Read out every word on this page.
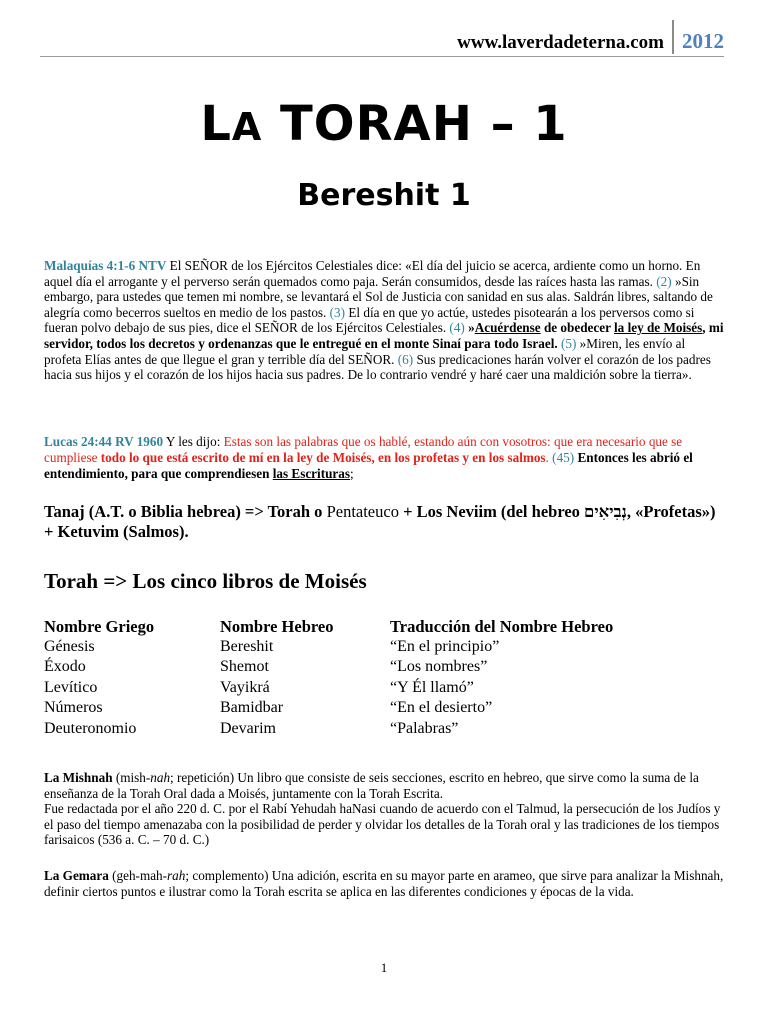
www.laverdadeterna.com 2012
LA TORAH – 1
Bereshit 1
Malaquías 4:1-6 NTV El SEÑOR de los Ejércitos Celestiales dice: «El día del juicio se acerca, ardiente como un horno. En aquel día el arrogante y el perverso serán quemados como paja. Serán consumidos, desde las raíces hasta las ramas. (2) »Sin embargo, para ustedes que temen mi nombre, se levantará el Sol de Justicia con sanidad en sus alas. Saldrán libres, saltando de alegría como becerros sueltos en medio de los pastos. (3) El día en que yo actúe, ustedes pisotearán a los perversos como si fueran polvo debajo de sus pies, dice el SEÑOR de los Ejércitos Celestiales. (4) »Acuérdense de obedecer la ley de Moisés, mi servidor, todos los decretos y ordenanzas que le entregué en el monte Sinaí para todo Israel. (5) »Miren, les envío al profeta Elías antes de que llegue el gran y terrible día del SEÑOR. (6) Sus predicaciones harán volver el corazón de los padres hacia sus hijos y el corazón de los hijos hacia sus padres. De lo contrario vendré y haré caer una maldición sobre la tierra».
Lucas 24:44 RV 1960 Y les dijo: Estas son las palabras que os hablé, estando aún con vosotros: que era necesario que se cumpliese todo lo que está escrito de mí en la ley de Moisés, en los profetas y en los salmos. (45) Entonces les abrió el entendimiento, para que comprendiesen las Escrituras;
Tanaj (A.T. o Biblia hebrea) => Torah o Pentateuco + Los Neviim (del hebreo נְבִיאִים, «Profetas») + Ketuvim (Salmos).
Torah => Los cinco libros de Moisés
Nombre Griego	Nombre Hebreo	Traducción del Nombre Hebreo
Génesis	Bereshit	“En el principio”
Éxodo	Shemot	“Los nombres”
Levítico	Vayikrá	“Y Él llamó”
Números	Bamidbar	“En el desierto”
Deuteronomio	Devarim	“Palabras”
La Mishnah (mish-nah; repetición) Un libro que consiste de seis secciones, escrito en hebreo, que sirve como la suma de la enseñanza de la Torah Oral dada a Moisés, juntamente con la Torah Escrita.
Fue redactada por el año 220 d. C. por el Rabí Yehudah haNasi cuando de acuerdo con el Talmud, la persecución de los Judíos y el paso del tiempo amenazaba con la posibilidad de perder y olvidar los detalles de la Torah oral y las tradiciones de los tiempos farisaicos (536 a. C. – 70 d. C.)
La Gemara (geh-mah-rah; complemento) Una adición, escrita en su mayor parte en arameo, que sirve para analizar la Mishnah, definir ciertos puntos e ilustrar como la Torah escrita se aplica en las diferentes condiciones y épocas de la vida.
1
